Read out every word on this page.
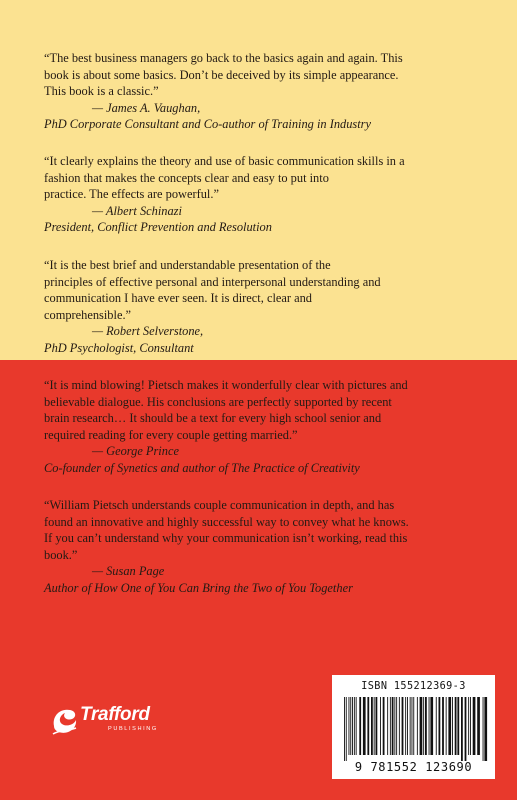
“The best business managers go back to the basics again and again. This

book is about some basics. Don’t be deceived by its simple appearance.

This book is a classic.”

— James A. Vaughan,

PhD Corporate Consultant and Co-author of Training in Industry

“It clearly explains the theory and use of basic communication skills in a

fashion that makes the concepts clear and easy to put into

practice. The effects are powerful.”

— Albert Schinazi

President, Conflict Prevention and Resolution

“It is the best brief and understandable presentation of the

principles of effective personal and interpersonal understanding and

communication I have ever seen. It is direct, clear and

comprehensible.”

— Robert Selverstone,

PhD Psychologist, Consultant

“It is mind blowing! Pietsch makes it wonderfully clear with pictures and

believable dialogue. His conclusions are perfectly supported by recent

brain research… It should be a text for every high school senior and

required reading for every couple getting married.”

— George Prince

Co-founder of Synetics and author of The Practice of Creativity

“William Pietsch understands couple communication in depth, and has

found an innovative and highly successful way to convey what he knows.

If you can’t understand why your communication isn’t working, read this

book.”

— Susan Page

Author of How One of You Can Bring the Two of You Together

Trafford
PUBLISHING
ISBN 155212369-3
9 781552 123690
